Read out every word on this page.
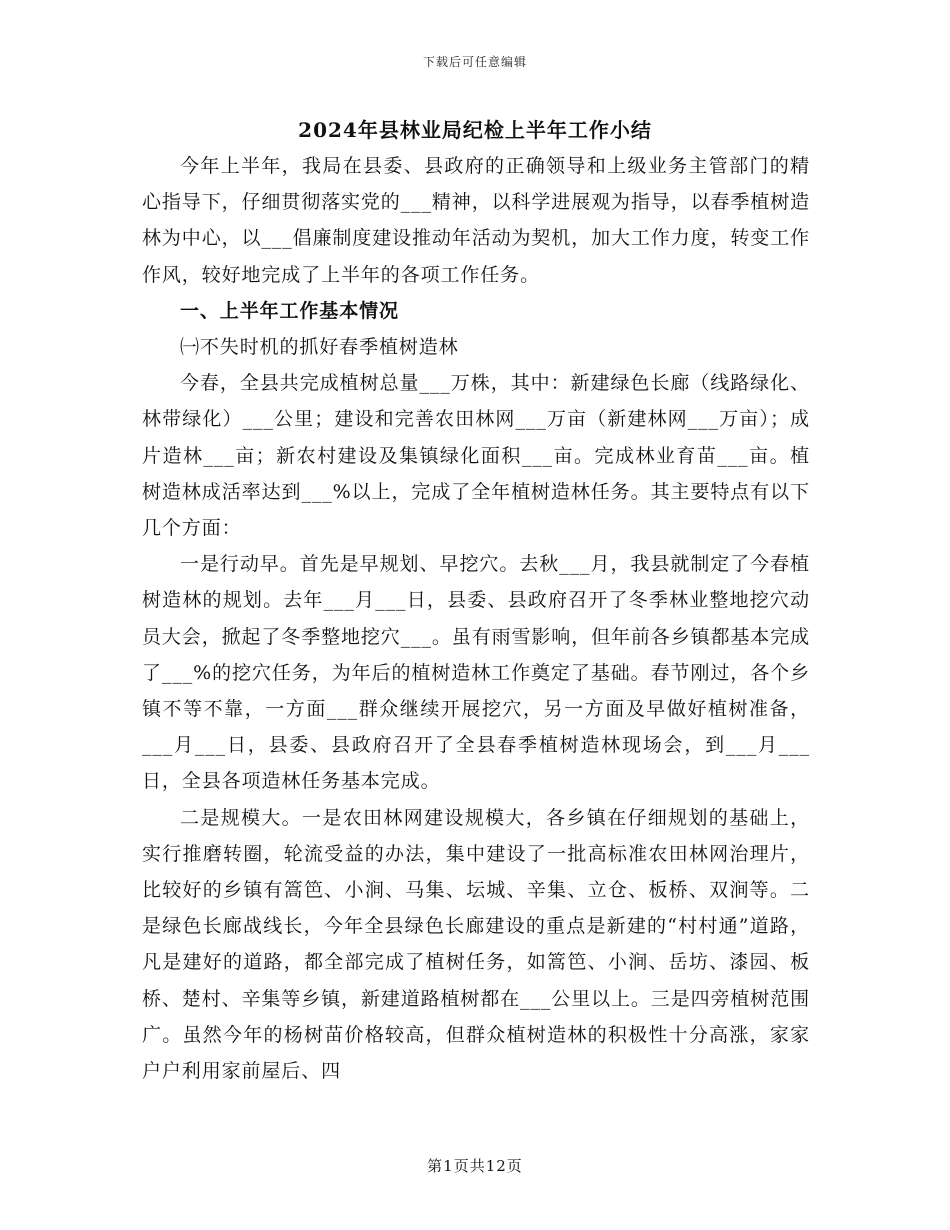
下载后可任意编辑
2024年县林业局纪检上半年工作小结

今年上半年，我局在县委、县政府的正确领导和上级业务主管部门的精心指导下，仔细贯彻落实党的___精神，以科学进展观为指导，以春季植树造林为中心，以___倡廉制度建设推动年活动为契机，加大工作力度，转变工作作风，较好地完成了上半年的各项工作任务。

一、上半年工作基本情况

㈠不失时机的抓好春季植树造林

今春，全县共完成植树总量___万株，其中：新建绿色长廊（线路绿化、林带绿化）___公里；建设和完善农田林网___万亩（新建林网___万亩）；成片造林___亩；新农村建设及集镇绿化面积___亩。完成林业育苗___亩。植树造林成活率达到___%以上，完成了全年植树造林任务。其主要特点有以下几个方面：

一是行动早。首先是早规划、早挖穴。去秋___月，我县就制定了今春植树造林的规划。去年___月___日，县委、县政府召开了冬季林业整地挖穴动员大会，掀起了冬季整地挖穴___。虽有雨雪影响，但年前各乡镇都基本完成了___%的挖穴任务，为年后的植树造林工作奠定了基础。春节刚过，各个乡镇不等不靠，一方面___群众继续开展挖穴，另一方面及早做好植树准备，___月___日，县委、县政府召开了全县春季植树造林现场会，到___月___日，全县各项造林任务基本完成。

二是规模大。一是农田林网建设规模大，各乡镇在仔细规划的基础上，实行推磨转圈，轮流受益的办法，集中建设了一批高标准农田林网治理片，比较好的乡镇有篙笆、小涧、马集、坛城、辛集、立仓、板桥、双涧等。二是绿色长廊战线长，今年全县绿色长廊建设的重点是新建的“村村通”道路，凡是建好的道路，都全部完成了植树任务，如篙笆、小涧、岳坊、漆园、板桥、楚村、辛集等乡镇，新建道路植树都在___公里以上。三是四旁植树范围广。虽然今年的杨树苗价格较高，但群众植树造林的积极性十分高涨，家家户户利用家前屋后、四

第1页共12页
